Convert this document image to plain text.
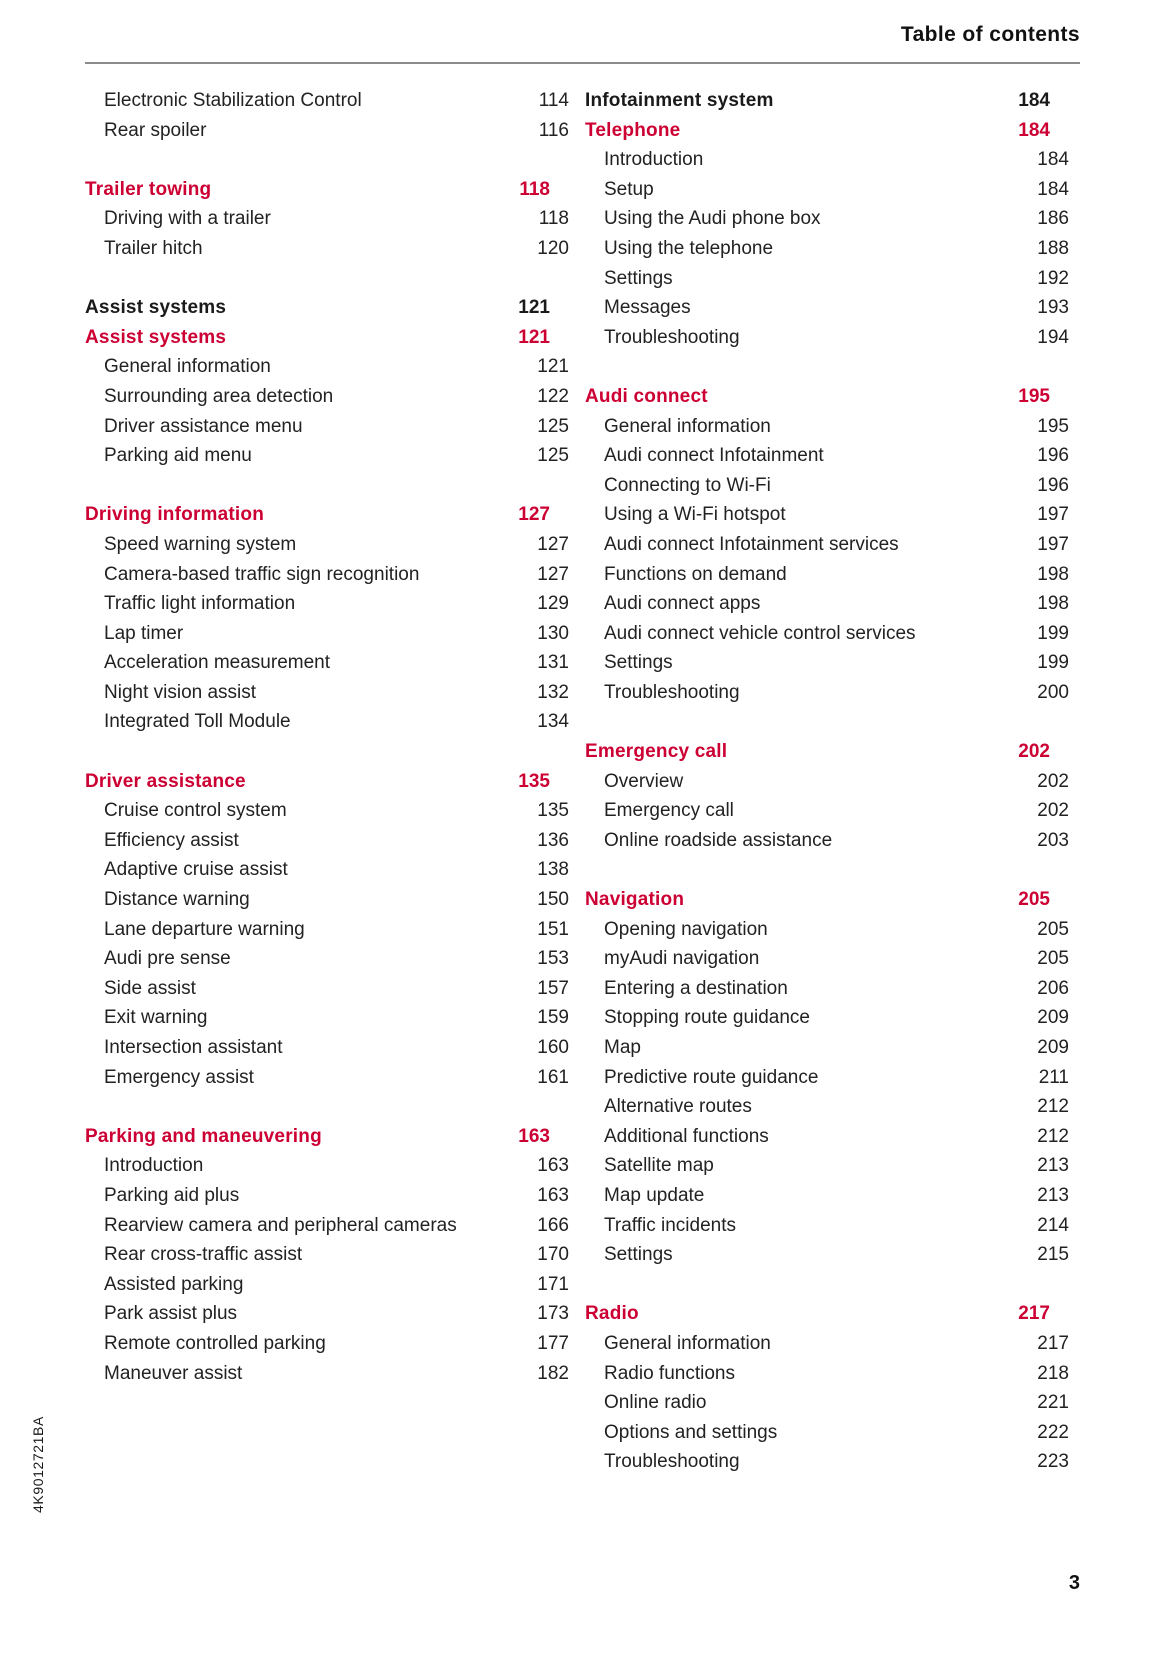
Table of contents
Electronic Stabilization Control . . .	114
Rear spoiler . . .	116
Trailer towing . . .	118
Driving with a trailer . . .	118
Trailer hitch . . .	120
Assist systems . . .	121
Assist systems . . .	121
General information . . .	121
Surrounding area detection . . .	122
Driver assistance menu . . .	125
Parking aid menu . . .	125
Driving information . . .	127
Speed warning system . . .	127
Camera-based traffic sign recognition . . .	127
Traffic light information . . .	129
Lap timer . . .	130
Acceleration measurement . . .	131
Night vision assist . . .	132
Integrated Toll Module . . .	134
Driver assistance . . .	135
Cruise control system . . .	135
Efficiency assist . . .	136
Adaptive cruise assist . . .	138
Distance warning . . .	150
Lane departure warning . . .	151
Audi pre sense . . .	153
Side assist . . .	157
Exit warning . . .	159
Intersection assistant . . .	160
Emergency assist . . .	161
Parking and maneuvering . . .	163
Introduction . . .	163
Parking aid plus . . .	163
Rearview camera and peripheral cameras . . .	166
Rear cross-traffic assist . . .	170
Assisted parking . . .	171
Park assist plus . . .	173
Remote controlled parking . . .	177
Maneuver assist . . .	182
Infotainment system . . .	184
Telephone . . .	184
Introduction . . .	184
Setup . . .	184
Using the Audi phone box . . .	186
Using the telephone . . .	188
Settings . . .	192
Messages . . .	193
Troubleshooting . . .	194
Audi connect . . .	195
General information . . .	195
Audi connect Infotainment . . .	196
Connecting to Wi-Fi . . .	196
Using a Wi-Fi hotspot . . .	197
Audi connect Infotainment services . . .	197
Functions on demand . . .	198
Audi connect apps . . .	198
Audi connect vehicle control services . . .	199
Settings . . .	199
Troubleshooting . . .	200
Emergency call . . .	202
Overview . . .	202
Emergency call . . .	202
Online roadside assistance . . .	203
Navigation . . .	205
Opening navigation . . .	205
myAudi navigation . . .	205
Entering a destination . . .	206
Stopping route guidance . . .	209
Map . . .	209
Predictive route guidance . . .	211
Alternative routes . . .	212
Additional functions . . .	212
Satellite map . . .	213
Map update . . .	213
Traffic incidents . . .	214
Settings . . .	215
Radio . . .	217
General information . . .	217
Radio functions . . .	218
Online radio . . .	221
Options and settings . . .	222
Troubleshooting . . .	223
4K9012721BA
3
